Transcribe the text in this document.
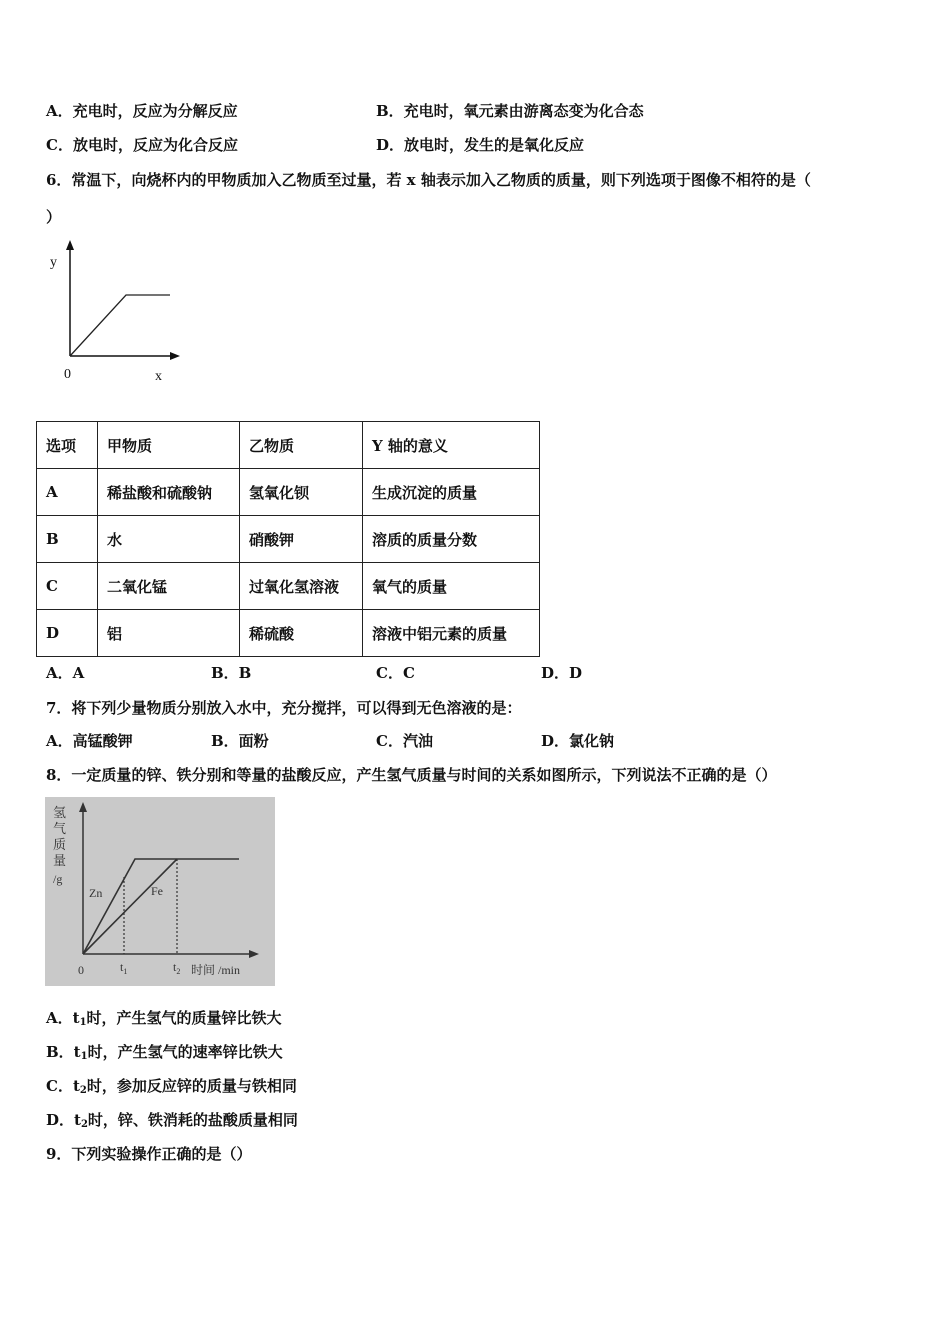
A．充电时，反应为分解反应	B．充电时，氧元素由游离态变为化合态
C．放电时，反应为化合反应	D．放电时，发生的是氧化反应
6．常温下，向烧杯内的甲物质加入乙物质至过量，若 x 轴表示加入乙物质的质量，则下列选项于图像不相符的是（
）
y
x
0
选项	甲物质	乙物质	Y 轴的意义
A	稀盐酸和硫酸钠	氢氧化钡	生成沉淀的质量
B	水	硝酸钾	溶质的质量分数
C	二氧化锰	过氧化氢溶液	氧气的质量
D	铝	稀硫酸	溶液中铝元素的质量
A．A	B．B	C．C	D．D
7．将下列少量物质分别放入水中，充分搅拌，可以得到无色溶液的是：
A．高锰酸钾	B．面粉	C．汽油	D．氯化钠
8．一定质量的锌、铁分别和等量的盐酸反应，产生氢气质量与时间的关系如图所示，下列说法不正确的是（）
氢
气
质
量
/g
Zn	Fe
0	$t_1$	$t_2$ 时间 /min
A．$t_1$时，产生氢气的质量锌比铁大
B．$t_1$时，产生氢气的速率锌比铁大
C．$t_2$时，参加反应锌的质量与铁相同
D．$t_2$时，锌、铁消耗的盐酸质量相同
9．下列实验操作正确的是（）
